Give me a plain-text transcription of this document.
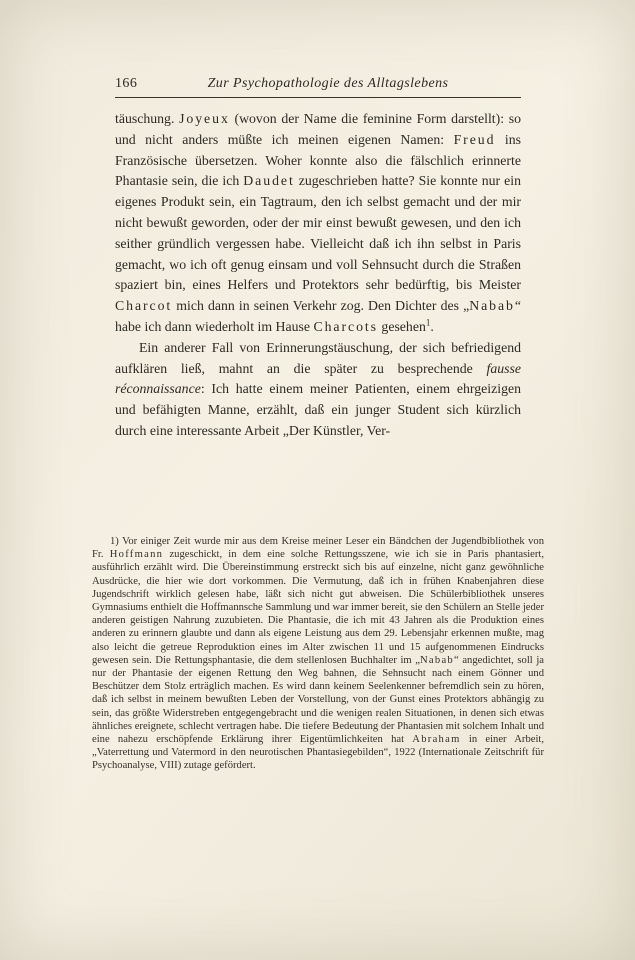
166	Zur Psychopathologie des Alltagslebens

täuschung. Joyeux (wovon der Name die feminine Form darstellt): so und nicht anders müßte ich meinen eigenen Namen: Freud ins Französische übersetzen. Woher konnte also die fälschlich erinnerte Phantasie sein, die ich Daudet zugeschrieben hatte? Sie konnte nur ein eigenes Produkt sein, ein Tagtraum, den ich selbst gemacht und der mir nicht bewußt geworden, oder der mir einst bewußt gewesen, und den ich seither gründlich vergessen habe. Vielleicht daß ich ihn selbst in Paris gemacht, wo ich oft genug einsam und voll Sehnsucht durch die Straßen spaziert bin, eines Helfers und Protektors sehr bedürftig, bis Meister Charcot mich dann in seinen Verkehr zog. Den Dichter des „Nabab“ habe ich dann wiederholt im Hause Charcots gesehen$^1$.

Ein anderer Fall von Erinnerungstäuschung, der sich befriedigend aufklären ließ, mahnt an die später zu besprechende fausse réconnaissance: Ich hatte einem meiner Patienten, einem ehrgeizigen und befähigten Manne, erzählt, daß ein junger Student sich kürzlich durch eine interessante Arbeit „Der Künstler, Ver-

1) Vor einiger Zeit wurde mir aus dem Kreise meiner Leser ein Bändchen der Jugendbibliothek von Fr. Hoffmann zugeschickt, in dem eine solche Rettungsszene, wie ich sie in Paris phantasiert, ausführlich erzählt wird. Die Übereinstimmung erstreckt sich bis auf einzelne, nicht ganz gewöhnliche Ausdrücke, die hier wie dort vorkommen. Die Vermutung, daß ich in frühen Knabenjahren diese Jugendschrift wirklich gelesen habe, läßt sich nicht gut abweisen. Die Schülerbibliothek unseres Gymnasiums enthielt die Hoffmannsche Sammlung und war immer bereit, sie den Schülern an Stelle jeder anderen geistigen Nahrung zuzubieten. Die Phantasie, die ich mit 43 Jahren als die Produktion eines anderen zu erinnern glaubte und dann als eigene Leistung aus dem 29. Lebensjahr erkennen mußte, mag also leicht die getreue Reproduktion eines im Alter zwischen 11 und 15 aufgenommenen Eindrucks gewesen sein. Die Rettungsphantasie, die dem stellenlosen Buchhalter im „Nabab“ angedichtet, soll ja nur der Phantasie der eigenen Rettung den Weg bahnen, die Sehnsucht nach einem Gönner und Beschützer dem Stolz erträglich machen. Es wird dann keinem Seelenkenner befremdlich sein zu hören, daß ich selbst in meinem bewußten Leben der Vorstellung, von der Gunst eines Protektors abhängig zu sein, das größte Widerstreben entgegengebracht und die wenigen realen Situationen, in denen sich etwas ähnliches ereignete, schlecht vertragen habe. Die tiefere Bedeutung der Phantasien mit solchem Inhalt und eine nahezu erschöpfende Erklärung ihrer Eigentümlichkeiten hat Abraham in einer Arbeit, „Vaterrettung und Vatermord in den neurotischen Phantasiegebilden“, 1922 (Internationale Zeitschrift für Psychoanalyse, VIII) zutage gefördert.
